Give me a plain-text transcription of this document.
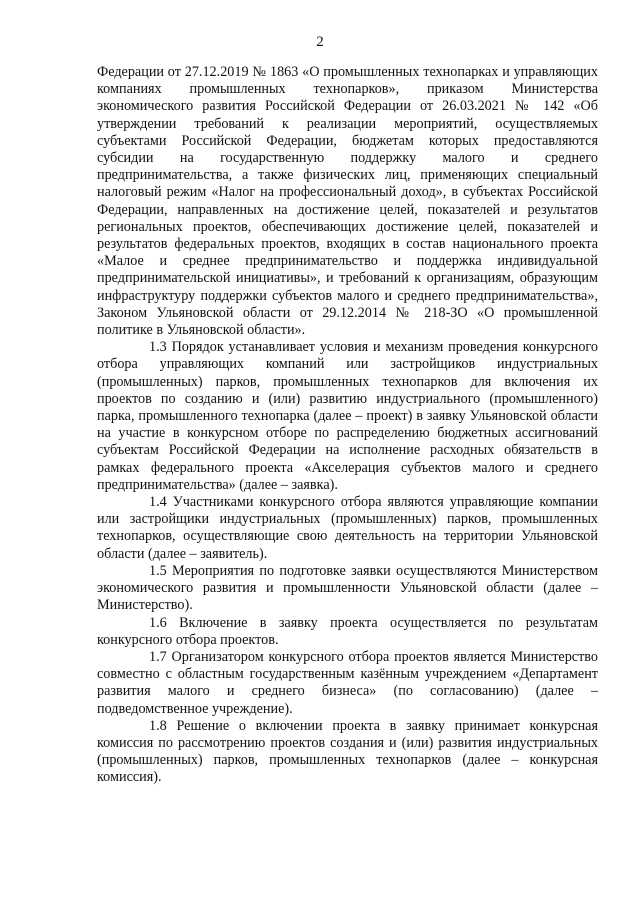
2

Федерации от 27.12.2019 № 1863 «О промышленных технопарках и управляющих компаниях промышленных технопарков», приказом Министерства экономического развития Российской Федерации от 26.03.2021 № 142 «Об утверждении требований к реализации мероприятий, осуществляемых субъектами Российской Федерации, бюджетам которых предоставляются субсидии на государственную поддержку малого и среднего предпринимательства, а также физических лиц, применяющих специальный налоговый режим «Налог на профессиональный доход», в субъектах Российской Федерации, направленных на достижение целей, показателей и результатов региональных проектов, обеспечивающих достижение целей, показателей и результатов федеральных проектов, входящих в состав национального проекта «Малое и среднее предпринимательство и поддержка индивидуальной предпринимательской инициативы», и требований к организациям, образующим инфраструктуру поддержки субъектов малого и среднего предпринимательства», Законом Ульяновской области от 29.12.2014 № 218-ЗО «О промышленной политике в Ульяновской области».

1.3 Порядок устанавливает условия и механизм проведения конкурсного отбора управляющих компаний или застройщиков индустриальных (промышленных) парков, промышленных технопарков для включения их проектов по созданию и (или) развитию индустриального (промышленного) парка, промышленного технопарка (далее – проект) в заявку Ульяновской области на участие в конкурсном отборе по распределению бюджетных ассигнований субъектам Российской Федерации на исполнение расходных обязательств в рамках федерального проекта «Акселерация субъектов малого и среднего предпринимательства» (далее – заявка).

1.4 Участниками конкурсного отбора являются управляющие компании или застройщики индустриальных (промышленных) парков, промышленных технопарков, осуществляющие свою деятельность на территории Ульяновской области (далее – заявитель).

1.5 Мероприятия по подготовке заявки осуществляются Министерством экономического развития и промышленности Ульяновской области (далее – Министерство).

1.6 Включение в заявку проекта осуществляется по результатам конкурсного отбора проектов.

1.7 Организатором конкурсного отбора проектов является Министерство совместно с областным государственным казённым учреждением «Департамент развития малого и среднего бизнеса» (по согласованию) (далее – подведомственное учреждение).

1.8 Решение о включении проекта в заявку принимает конкурсная комиссия по рассмотрению проектов создания и (или) развития индустриальных (промышленных) парков, промышленных технопарков (далее – конкурсная комиссия).
